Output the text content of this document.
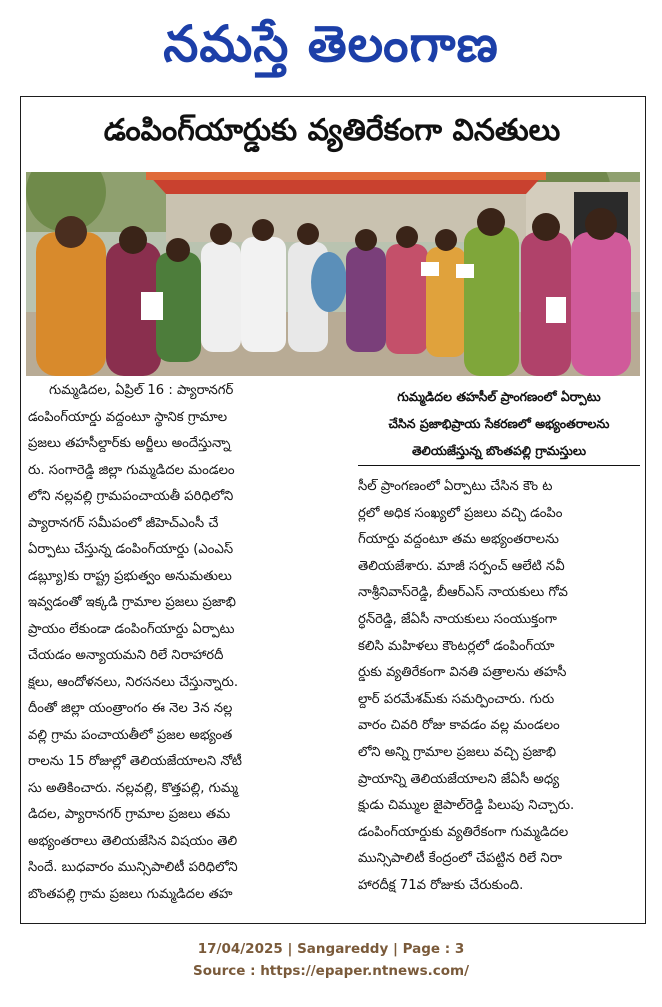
నమస్తే తెలంగాణ
డంపింగ్‌యార్డుకు వ్యతిరేకంగా వినతులు
గుమ్మడిదల తహసీల్ ప్రాంగణంలో ఏర్పాటు
చేసిన ప్రజాభిప్రాయ సేకరణలో అభ్యంతరాలను
తెలియజేస్తున్న బొంతపల్లి గ్రామస్తులు
గుమ్మడిదల, ఏప్రిల్ 16 : ప్యారానగర్
డంపింగ్‌యార్డు వద్దంటూ స్థానిక గ్రామాల
ప్రజలు తహసీల్దార్‌కు అర్జీలు అందేస్తున్నా
రు. సంగారెడ్డి జిల్లా గుమ్మడిదల మండలం
లోని నల్లవల్లి గ్రామపంచాయతీ పరిధిలోని
ప్యారానగర్ సమీపంలో జీహెచ్‌ఎంసీ చే
ఏర్పాటు చేస్తున్న డంపింగ్‌యార్డు (ఎంఎస్
డబ్ల్యూ)కు రాష్ట్ర ప్రభుత్వం అనుమతులు
ఇవ్వడంతో ఇక్కడి గ్రామాల ప్రజలు ప్రజాభి
ప్రాయం లేకుండా డంపింగ్‌యార్డు ఏర్పాటు
చేయడం అన్యాయమని రిలే నిరాహారదీ
క్షలు, ఆందోళనలు, నిరసనలు చేస్తున్నారు.
దీంతో జిల్లా యంత్రాంగం ఈ నెల 3న నల్ల
వల్లి గ్రామ పంచాయతీలో ప్రజల అభ్యంత
రాలను 15 రోజుల్లో తెలియజేయాలని నోటీ
సు అతికించారు. నల్లవల్లి, కొత్తపల్లి, గుమ్మ
డిదల, ప్యారానగర్ గ్రామాల ప్రజలు తమ
అభ్యంతరాలు తెలియజేసిన విషయం తెలి
సిందే. బుధవారం మున్సిపాలిటీ పరిధిలోని
బొంతపల్లి గ్రామ ప్రజలు గుమ్మడిదల తహ
సీల్ ప్రాంగణంలో ఏర్పాటు చేసిన కౌం ట
ర్లలో అధిక సంఖ్యలో ప్రజలు వచ్చి డంపిం
గ్‌యార్డు వద్దంటూ తమ అభ్యంతరాలను
తెలియజేశారు. మాజీ సర్పంచ్ ఆలేటి నవీ
నాశ్రీనివాస్‌రెడ్డి, బీఆర్‌ఎస్ నాయకులు గోవ
ర్ధన్‌రెడ్డి, జేఏసీ నాయకులు సంయుక్తంగా
కలిసి మహిళలు కౌంటర్లలో డంపింగ్‌యా
ర్డుకు వ్యతిరేకంగా వినతి పత్రాలను తహసీ
ల్దార్ పరమేశమ్‌కు సమర్పించారు. గురు
వారం చివరి రోజు కావడం వల్ల మండలం
లోని అన్ని గ్రామాల ప్రజలు వచ్చి ప్రజాభి
ప్రాయాన్ని తెలియజేయాలని జేఏసీ అధ్య
క్షుడు చిమ్ముల జైపాల్‌రెడ్డి పిలుపు నిచ్చారు.
డంపింగ్‌యార్డుకు వ్యతిరేకంగా గుమ్మడిదల
మున్సిపాలిటీ కేంద్రంలో చేపట్టిన రిలే నిరా
హారదీక్ష 71వ రోజుకు చేరుకుంది.
17/04/2025 | Sangareddy | Page : 3
Source : https://epaper.ntnews.com/
